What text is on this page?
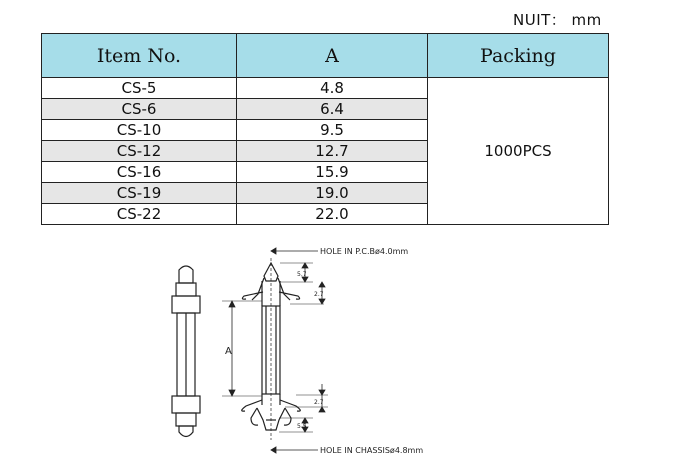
NUIT： mm
Item No.	A	Packing
CS-5	4.8	1000PCS
CS-6	6.4	
CS-10	9.5	
CS-12	12.7	
CS-16	15.9	
CS-19	19.0	
CS-22	22.0	
HOLE IN P.C.Bø4.0mm
HOLE IN CHASSISø4.8mm
5.7
2.7
A
2.7
5.5
